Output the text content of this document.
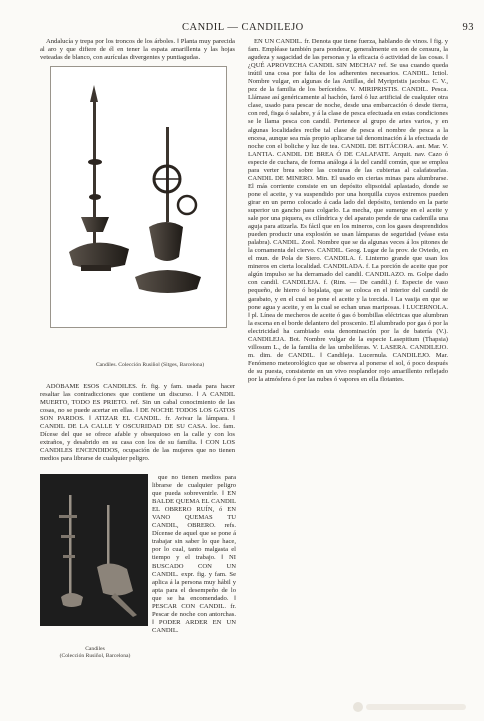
CANDIL — CANDILEJO	93

Andalucía y trepa por los troncos de los árboles. ‖ Planta muy parecida al aro y que difiere de él en tener la espata amarillenta y las hojas veteadas de blanco, con aurículas divergentes y puntiagudas.

Candiles. Colección Rusiñol (Sitges, Barcelona)

ADÓBAME ESOS CANDILES. fr. fig. y fam. usada para hacer resaltar las contradicciones que contiene un discurso. ‖ A CANDIL MUERTO, TODO ES PRIETO. ref. Sin un cabal conocimiento de las cosas, no se puede acertar en ellas. ‖ DE NOCHE TODOS LOS GATOS SON PARDOS. ‖ ATIZAR EL CANDIL. fr. Avivar la lámpara. ‖ CANDIL DE LA CALLE Y OSCURIDAD DE SU CASA. loc. fam. Dícese del que se ofrece afable y obsequioso en la calle y con los extraños, y desabrido en su casa con los de su familia. ‖ CON LOS CANDILES ENCENDIDOS, ocupación de las mujeres que no tienen medios para librarse de cualquier peligro.

Candiles
(Colección Rusiñol, Barcelona)

que no tienen medios para librarse de cualquier peligro que pueda sobrevenirle. ‖ EN BALDE QUEMA EL CANDIL EL OBRERO RUÍN, ó EN VANO QUEMAS TU CANDIL, OBRERO. refs. Dícense de aquel que se pone á trabajar sin saber lo que hace, por lo cual, tanto malgasta el tiempo y el trabajo. ‖ NI BUSCADO CON UN CANDIL. expr. fig. y fam. Se aplica á la persona muy hábil y apta para el desempeño de lo que se ha encomendado. ‖ PESCAR CON CANDIL. fr. Pescar de noche con antorchas. ‖ PODER ARDER EN UN CANDIL.

EN UN CANDIL. fr. Denota que tiene fuerza, hablando de vinos. ‖ fig. y fam. Empléase también para ponderar, generalmente en son de censura, la agudeza y sagacidad de las personas y la eficacia ó actividad de las cosas. ‖ ¿QUÉ APROVECHA CANDIL SIN MECHA? ref. Se usa cuando queda inútil una cosa por falta de los adherentes necesarios. CANDIL. Ictiol. Nombre vulgar, en algunas de las Antillas, del Myripristis jacobus C. V., pez de la familia de los beríceidos. V. MIRIPRISTIS. CANDIL. Pesca. Llámase así genéricamente al hachón, farol ó luz artificial de cualquier otra clase, usado para pescar de noche, desde una embarcación ó desde tierra, con red, fisga ó salabre, y á la clase de pesca efectuada en estas condiciones se le llama pesca con candil. Pertenece al grupo de artes varios, y en algunas localidades recibe tal clase de pesca el nombre de pesca a la encesa, aunque sea más propio aplicarse tal denominación á la efectuada de noche con el boliche y luz de tea. CANDIL DE BITÁCORA. ant. Mar. V. LANTIA. CANDIL DE BREA Ó DE CALAFATE. Arquit. nav. Cazo ó especie de cuchara, de forma análoga á la del candil común, que se emplea para verter brea sobre las costuras de las cubiertas al calafatearlas. CANDIL DE MINERO. Min. El usado en ciertas minas para alumbrarse. El más corriente consiste en un depósito elipsoidal aplastado, donde se pone el aceite, y va suspendido por una horquilla cuyos extremos pueden girar en un perno colocado á cada lado del depósito, teniendo en la parte superior un gancho para colgarlo. La mecha, que sumerge en el aceite y sale por una piquera, es cilíndrica y del aparato pende de una cadenilla una aguja para atizarla. Es fácil que en los mineros, con los gases desprendidos pueden producir una explosión se usan lámparas de seguridad (véase esta palabra). CANDIL. Zool. Nombre que se da algunas veces á los pitones de la cornamenta del ciervo. CANDIL. Geog. Lugar de la prov. de Oviedo, en el mun. de Pola de Siero. CANDILA. f. Linterno grande que usan los mineros en cierta localidad. CANDILADA. f. La porción de aceite que por algún impulso se ha derramado del candil. CANDILAZO. m. Golpe dado con candil. CANDILEJA. f. (Rim. — De candil.) f. Especie de vaso pequeño, de hierro ó hojalata, que se coloca en el interior del candil de garabato, y en el cual se pone el aceite y la torcida. ‖ La vasija en que se pone agua y aceite, y en la cual se echan unas mariposas. ‖ LUCERNOLA. ‖ pl. Línea de mecheros de aceite ó gas ó bombillas eléctricas que alumbran la escena en el borde delantero del proscenio. El alumbrado por gas ó por la electricidad ha cambiado esta denominación por la de batería (V.). CANDILEJA. Bot. Nombre vulgar de la especie Lasepitium (Thapsia) villosum L., de la familia de las umbelíferas. V. LASERA. CANDILEJO. m. dim. de CANDIL. ‖ Candileja. Lucernula. CANDILEJO. Mar. Fenómeno meteorológico que se observa al ponerse el sol, ó poco después de su puesta, consistente en un vivo resplandor rojo amarillento reflejado por la atmósfera ó por las nubes ó vapores en ella flotantes.
